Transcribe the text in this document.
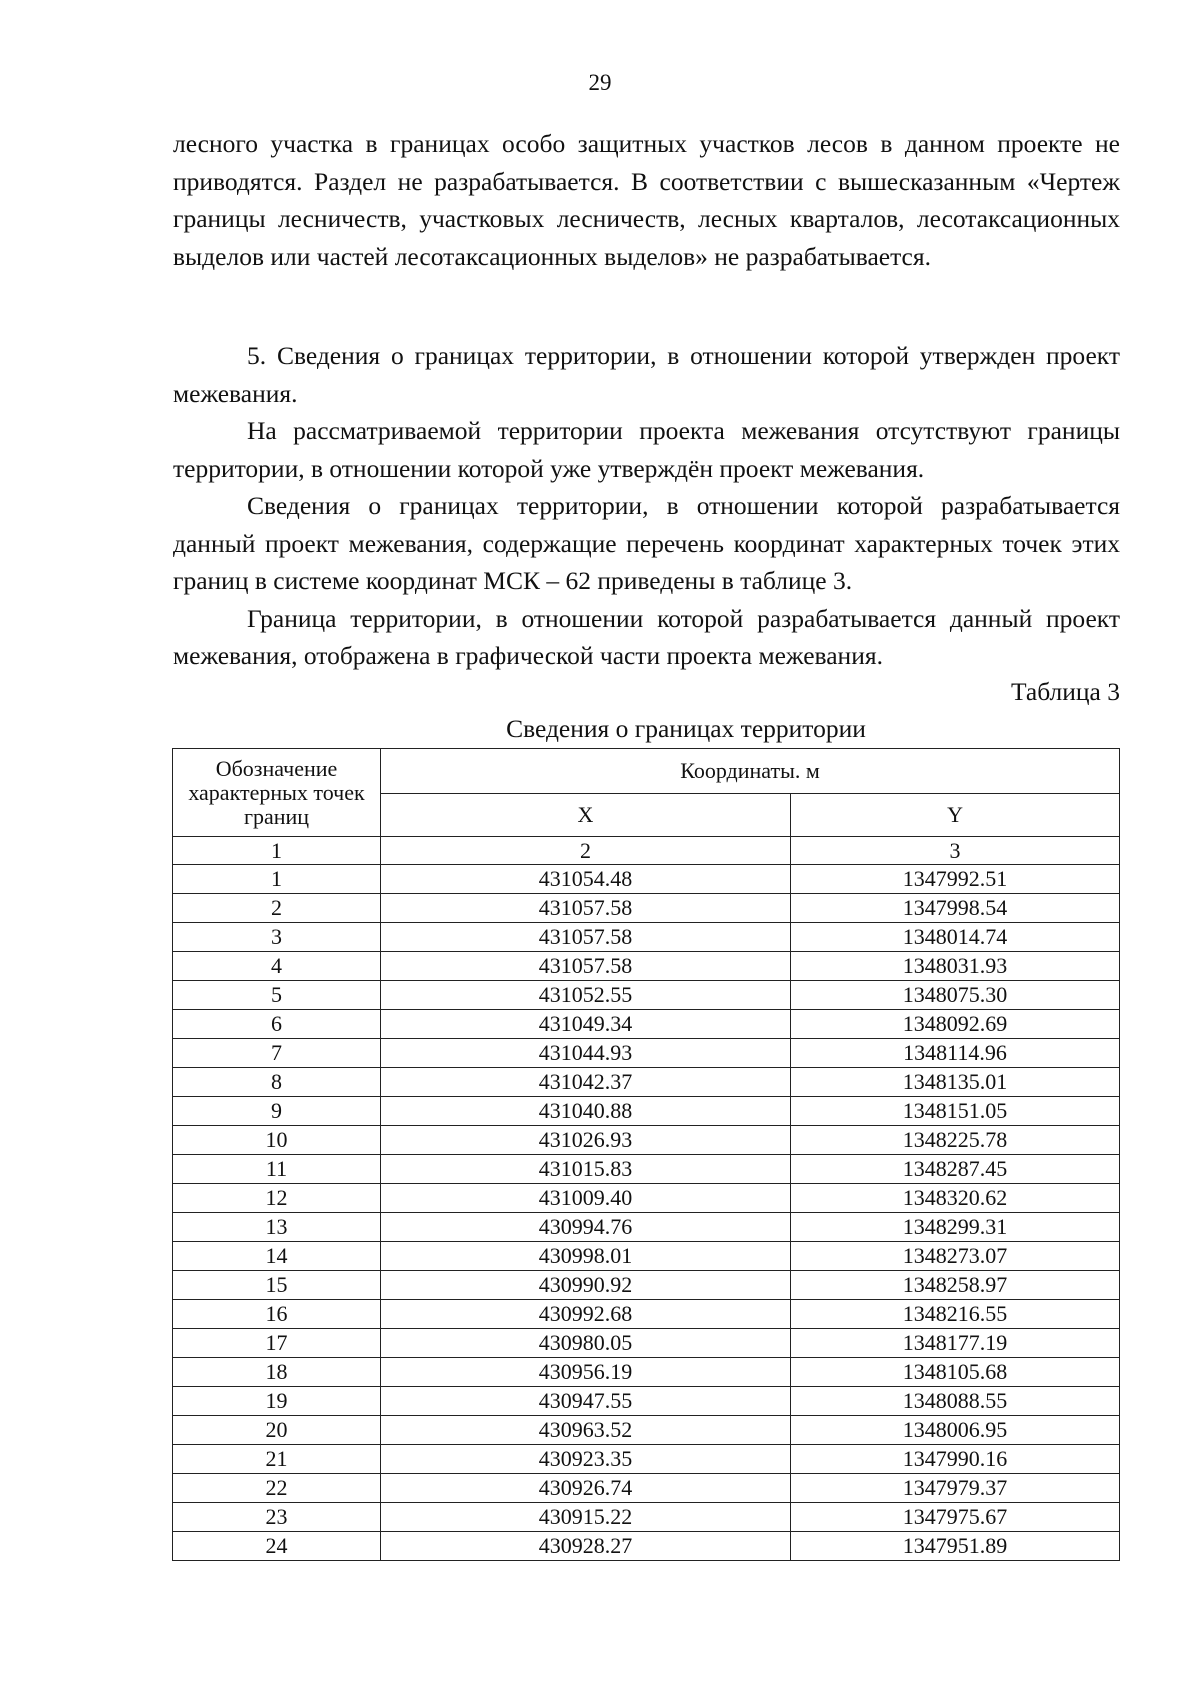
29

лесного участка в границах особо защитных участков лесов в данном проекте не приводятся. Раздел не разрабатывается. В соответствии с вышесказанным «Чертеж границы лесничеств, участковых лесничеств, лесных кварталов, лесотаксационных выделов или частей лесотаксационных выделов» не разрабатывается.

5. Сведения о границах территории, в отношении которой утвержден проект межевания.

На рассматриваемой территории проекта межевания отсутствуют границы территории, в отношении которой уже утверждён проект межевания.

Сведения о границах территории, в отношении которой разрабатывается данный проект межевания, содержащие перечень координат характерных точек этих границ в системе координат МСК – 62 приведены в таблице 3.

Граница территории, в отношении которой разрабатывается данный проект межевания, отображена в графической части проекта межевания.

Таблица 3
Сведения о границах территории
Обозначение характерных точек границ	Координаты. м	
	X	Y
1	2	3
1	431054.48	1347992.51
2	431057.58	1347998.54
3	431057.58	1348014.74
4	431057.58	1348031.93
5	431052.55	1348075.30
6	431049.34	1348092.69
7	431044.93	1348114.96
8	431042.37	1348135.01
9	431040.88	1348151.05
10	431026.93	1348225.78
11	431015.83	1348287.45
12	431009.40	1348320.62
13	430994.76	1348299.31
14	430998.01	1348273.07
15	430990.92	1348258.97
16	430992.68	1348216.55
17	430980.05	1348177.19
18	430956.19	1348105.68
19	430947.55	1348088.55
20	430963.52	1348006.95
21	430923.35	1347990.16
22	430926.74	1347979.37
23	430915.22	1347975.67
24	430928.27	1347951.89
